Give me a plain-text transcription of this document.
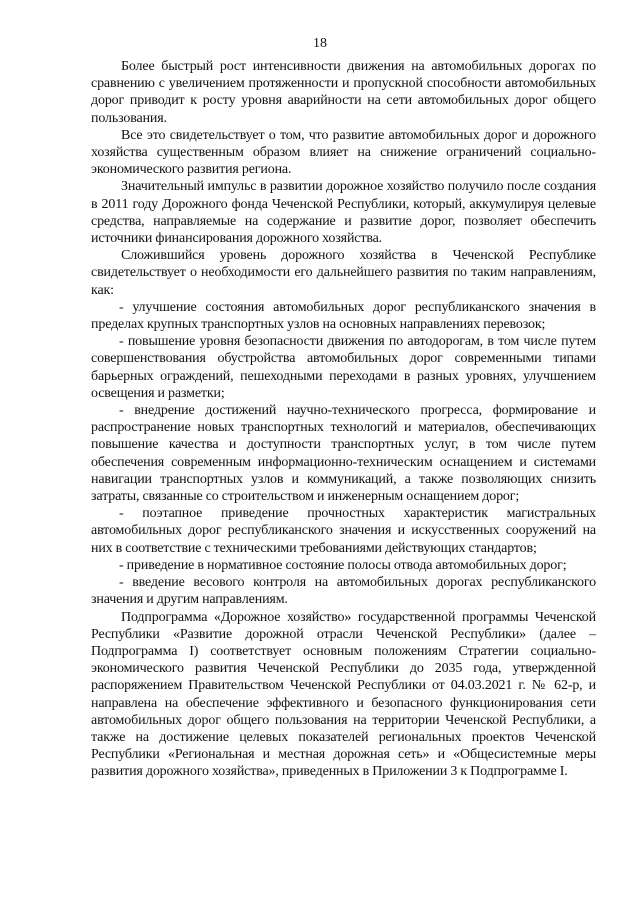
18

Более быстрый рост интенсивности движения на автомобильных дорогах по сравнению с увеличением протяженности и пропускной способности автомобильных дорог приводит к росту уровня аварийности на сети автомобильных дорог общего пользования.

Все это свидетельствует о том, что развитие автомобильных дорог и дорожного хозяйства существенным образом влияет на снижение ограничений социально-экономического развития региона.

Значительный импульс в развитии дорожное хозяйство получило после создания в 2011 году Дорожного фонда Чеченской Республики, который, аккумулируя целевые средства, направляемые на содержание и развитие дорог, позволяет обеспечить источники финансирования дорожного хозяйства.

Сложившийся уровень дорожного хозяйства в Чеченской Республике свидетельствует о необходимости его дальнейшего развития по таким направлениям, как:

- улучшение состояния автомобильных дорог республиканского значения в пределах крупных транспортных узлов на основных направлениях перевозок;

- повышение уровня безопасности движения по автодорогам, в том числе путем совершенствования обустройства автомобильных дорог современными типами барьерных ограждений, пешеходными переходами в разных уровнях, улучшением освещения и разметки;

- внедрение достижений научно-технического прогресса, формирование и распространение новых транспортных технологий и материалов, обеспечивающих повышение качества и доступности транспортных услуг, в том числе путем обеспечения современным информационно-техническим оснащением и системами навигации транспортных узлов и коммуникаций, а также позволяющих снизить затраты, связанные со строительством и инженерным оснащением дорог;

- поэтапное приведение прочностных характеристик магистральных автомобильных дорог республиканского значения и искусственных сооружений на них в соответствие с техническими требованиями действующих стандартов;

- приведение в нормативное состояние полосы отвода автомобильных дорог;

- введение весового контроля на автомобильных дорогах республиканского значения и другим направлениям.

Подпрограмма «Дорожное хозяйство» государственной программы Чеченской Республики «Развитие дорожной отрасли Чеченской Республики» (далее – Подпрограмма I) соответствует основным положениям Стратегии социально-экономического развития Чеченской Республики до 2035 года, утвержденной распоряжением Правительством Чеченской Республики от 04.03.2021 г. № 62-р, и направлена на обеспечение эффективного и безопасного функционирования сети автомобильных дорог общего пользования на территории Чеченской Республики, а также на достижение целевых показателей региональных проектов Чеченской Республики «Региональная и местная дорожная сеть» и «Общесистемные меры развития дорожного хозяйства», приведенных в Приложении 3 к Подпрограмме I.
